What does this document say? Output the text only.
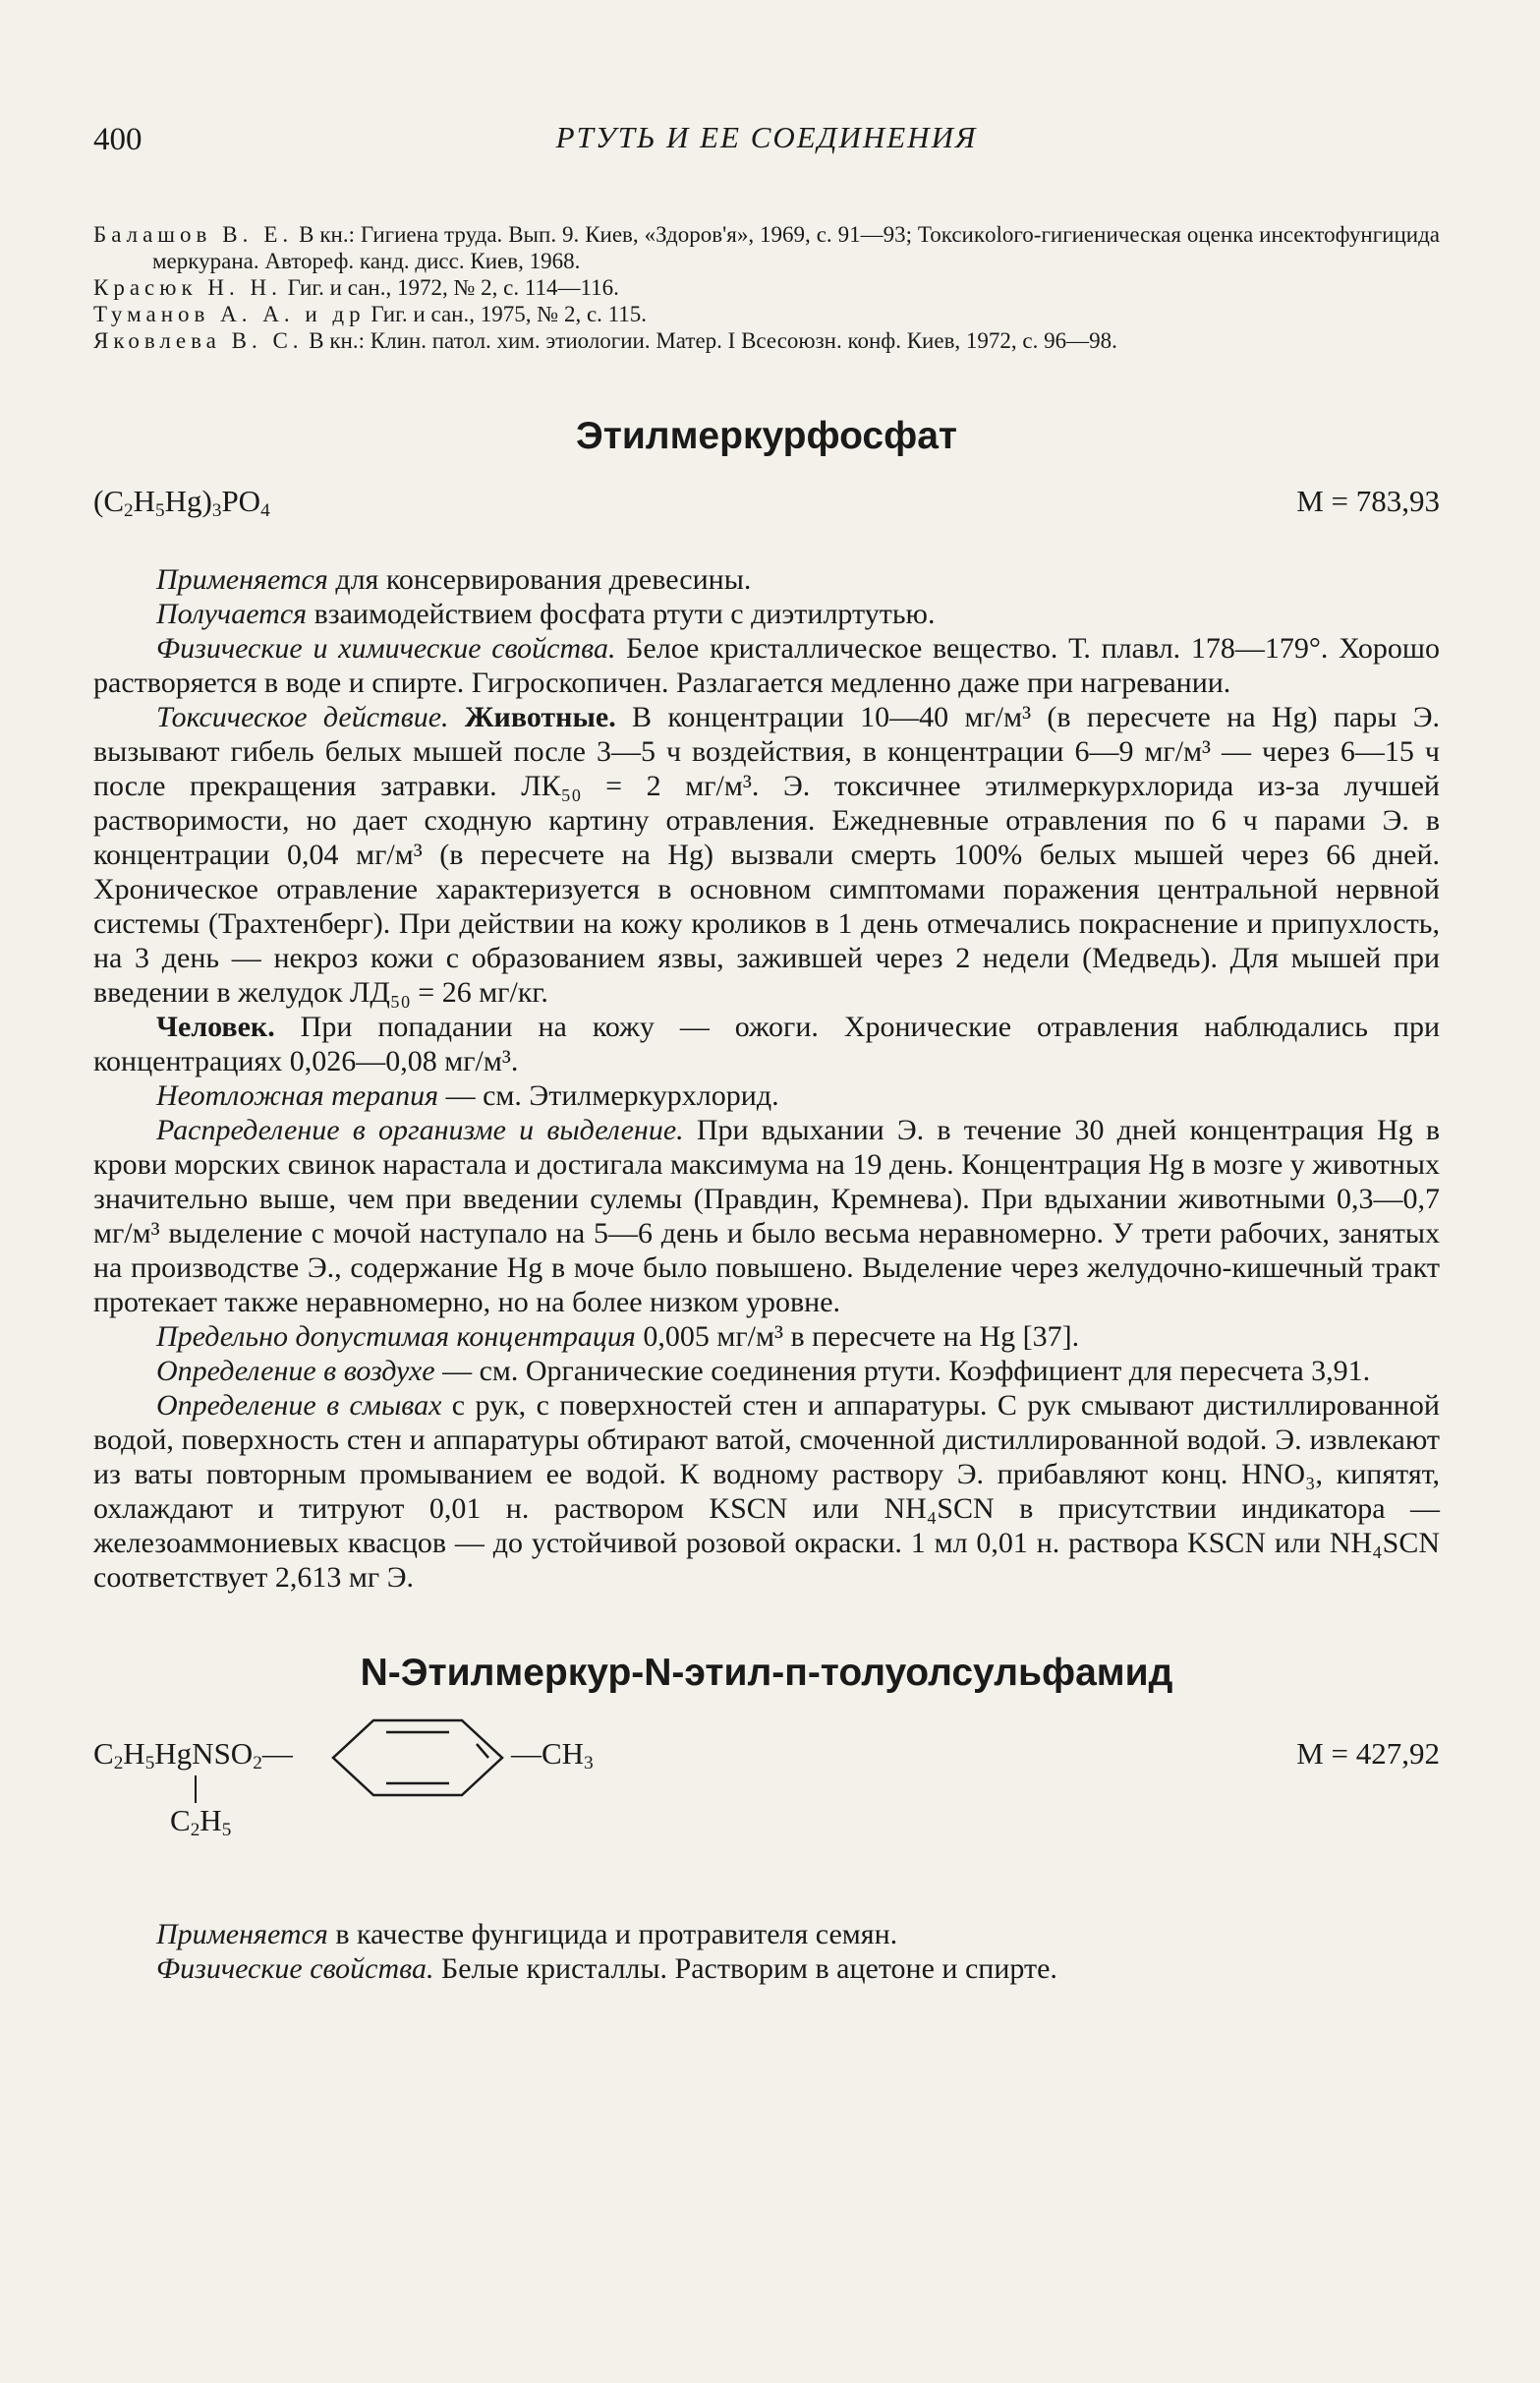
400	РТУТЬ И ЕЕ СОЕДИНЕНИЯ
Балашов В. Е. В кн.: Гигиена труда. Вып. 9. Киев, «Здоров'я», 1969, с. 91—93; Токсикolого-гигиеническая оценка инсектофунгицида меркурана. Автореф. канд. дисс. Киев, 1968.
Красюк Н. Н. Гиг. и сан., 1972, № 2, с. 114—116.
Туманов А. А. и др Гиг. и сан., 1975, № 2, с. 115.
Яковлева В. С. В кн.: Клин. патол. хим. этиологии. Матер. I Всесоюзн. конф. Киев, 1972, с. 96—98.
Этилмеркурфосфат
$(C_2H_5Hg)_3PO_4$	M = 783,93

Применяется для консервирования древесины.

Получается взаимодействием фосфата ртути с диэтилртутью.

Физические и химические свойства. Белое кристаллическое вещество. Т. плавл. 178—179°. Хорошо растворяется в воде и спирте. Гигроскопичен. Разлагается медленно даже при нагревании.

Токсическое действие. Животные. В концентрации 10—40 мг/м³ (в пересчете на Hg) пары Э. вызывают гибель белых мышей после 3—5 ч воздействия, в концентрации 6—9 мг/м³ — через 6—15 ч после прекращения затравки. ЛК₅₀ = 2 мг/м³. Э. токсичнее этилмеркурхлорида из-за лучшей растворимости, но дает сходную картину отравления. Ежедневные отравления по 6 ч парами Э. в концентрации 0,04 мг/м³ (в пересчете на Hg) вызвали смерть 100% белых мышей через 66 дней. Хроническое отравление характеризуется в основном симптомами поражения центральной нервной системы (Трахтенберг). При действии на кожу кроликов в 1 день отмечались покраснение и припухлость, на 3 день — некроз кожи с образованием язвы, зажившей через 2 недели (Медведь). Для мышей при введении в желудок ЛД₅₀ = 26 мг/кг.

Человек. При попадании на кожу — ожоги. Хронические отравления наблюдались при концентрациях 0,026—0,08 мг/м³.

Неотложная терапия — см. Этилмеркурхлорид.

Распределение в организме и выделение. При вдыхании Э. в течение 30 дней концентрация Hg в крови морских свинок нарастала и достигала максимума на 19 день. Концентрация Hg в мозге у животных значительно выше, чем при введении сулемы (Правдин, Кремнева). При вдыхании животными 0,3—0,7 мг/м³ выделение с мочой наступало на 5—6 день и было весьма неравномерно. У трети рабочих, занятых на производстве Э., содержание Hg в моче было повышено. Выделение через желудочно-кишечный тракт протекает также неравномерно, но на более низком уровне.

Предельно допустимая концентрация 0,005 мг/м³ в пересчете на Hg [37].

Определение в воздухе — см. Органические соединения ртути. Коэффициент для пересчета 3,91.

Определение в смывах с рук, с поверхностей стен и аппаратуры. С рук смывают дистиллированной водой, поверхность стен и аппаратуры обтирают ватой, смоченной дистиллированной водой. Э. извлекают из ваты повторным промыванием ее водой. К водному раствору Э. прибавляют конц. HNO₃, кипятят, охлаждают и титруют 0,01 н. раствором KSCN или NH₄SCN в присутствии индикатора — железоаммониевых квасцов — до устойчивой розовой окраски. 1 мл 0,01 н. раствора KSCN или NH₄SCN соответствует 2,613 мг Э.

N-Этилмеркур-N-этил-п-толуолсульфамид
$C_2H_5HgNSO_2—$	$—CH_3$
$C_2H_5$
M = 427,92

Применяется в качестве фунгицида и протравителя семян.

Физические свойства. Белые кристаллы. Растворим в ацетоне и спирте.
